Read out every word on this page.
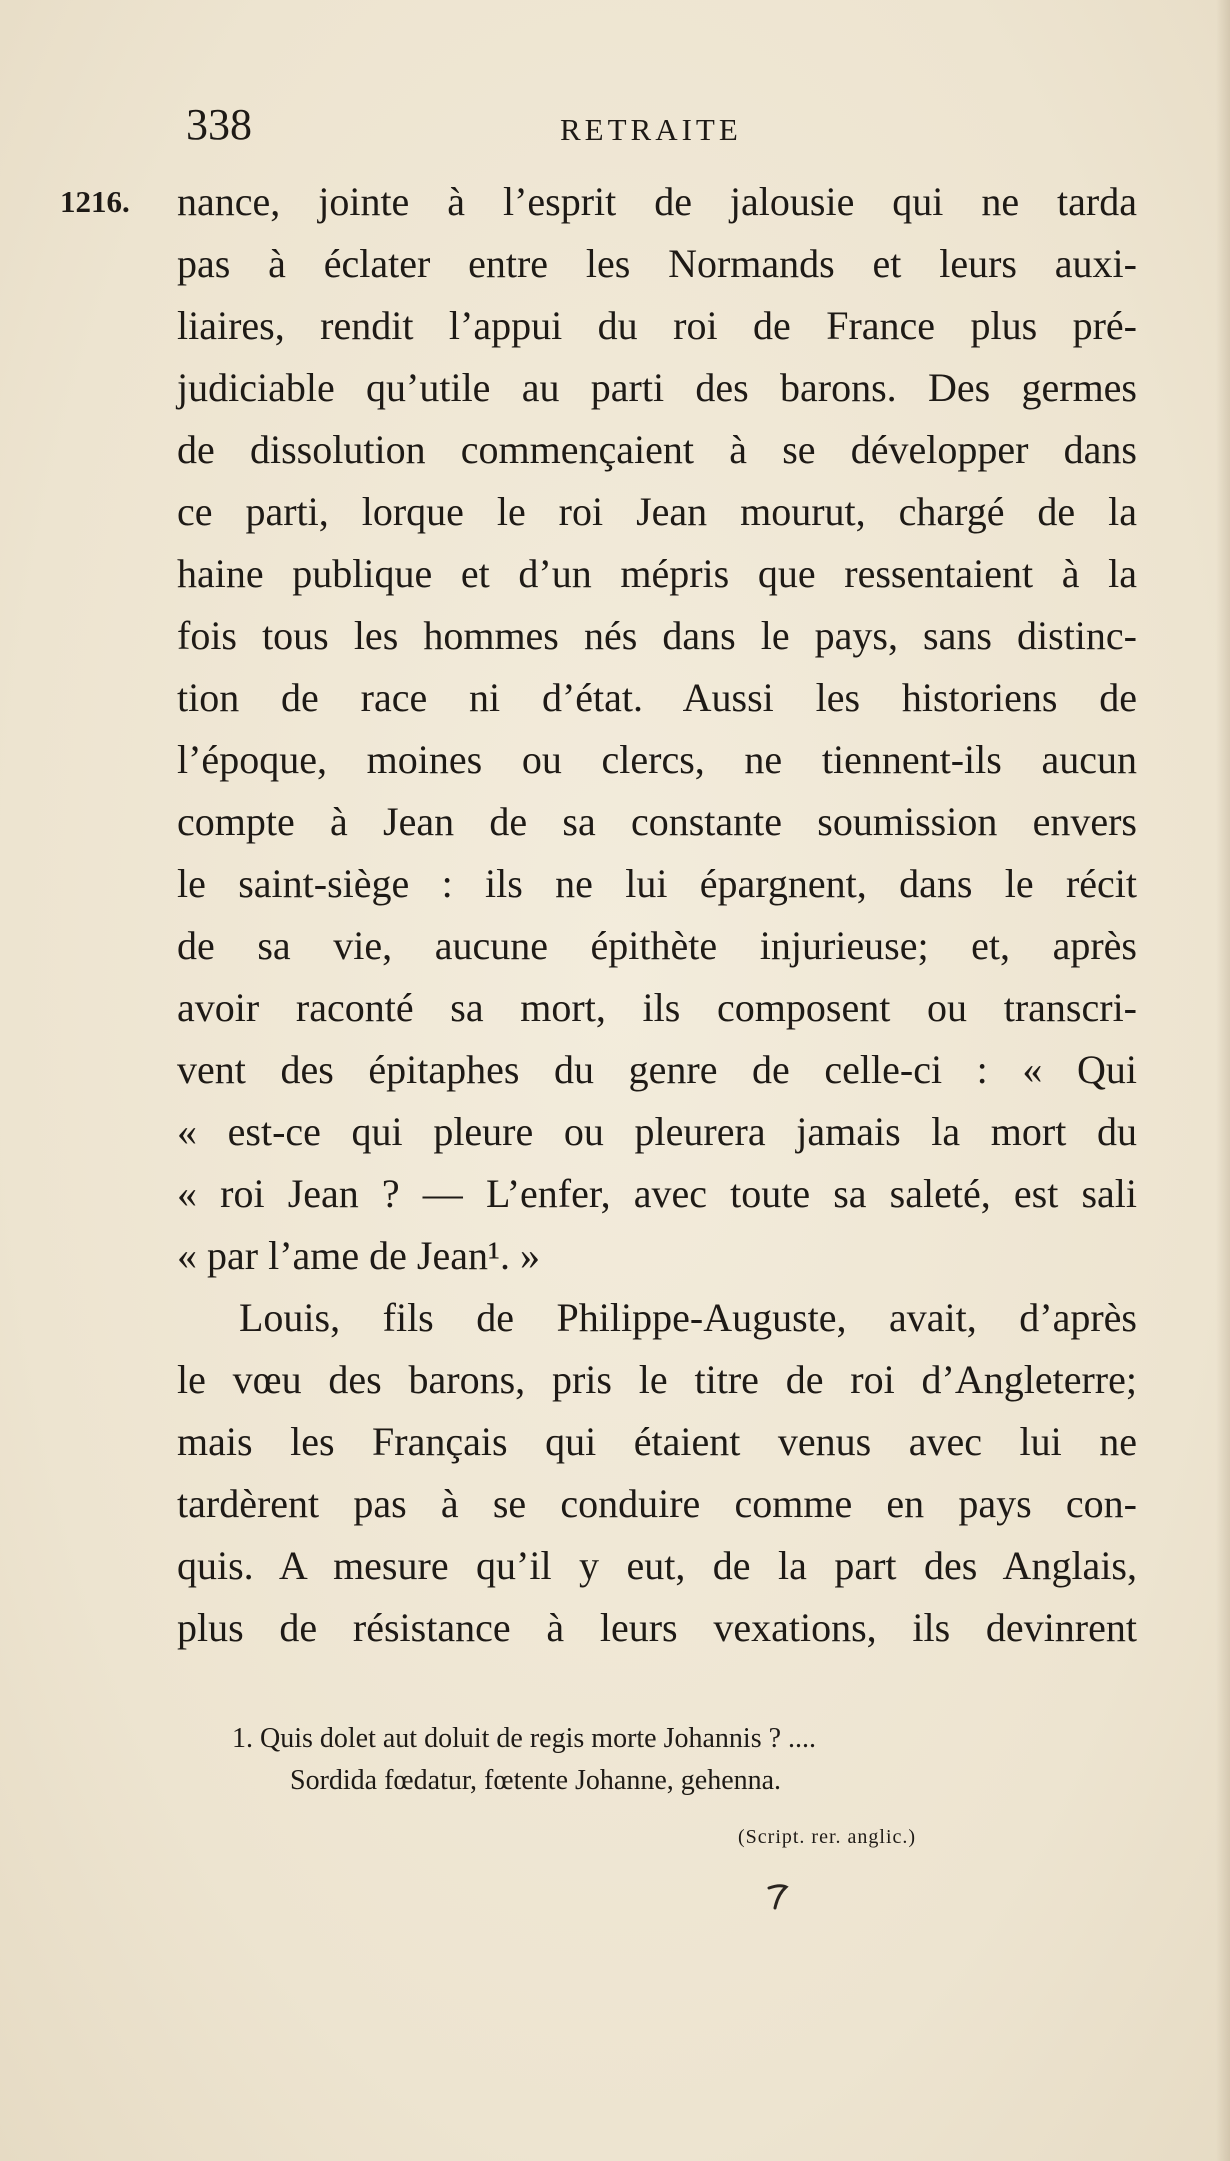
338	RETRAITE
1216. nance, jointe à l’esprit de jalousie qui ne tarda
pas à éclater entre les Normands et leurs auxi-
liaires, rendit l’appui du roi de France plus pré-
judiciable qu’utile au parti des barons. Des germes
de dissolution commençaient à se développer dans
ce parti, lorque le roi Jean mourut, chargé de la
haine publique et d’un mépris que ressentaient à la
fois tous les hommes nés dans le pays, sans distinc-
tion de race ni d’état. Aussi les historiens de
l’époque, moines ou clercs, ne tiennent-ils aucun
compte à Jean de sa constante soumission envers
le saint-siège : ils ne lui épargnent, dans le récit
de sa vie, aucune épithète injurieuse; et, après
avoir raconté sa mort, ils composent ou transcri-
vent des épitaphes du genre de celle-ci : « Qui
« est-ce qui pleure ou pleurera jamais la mort du
« roi Jean ? — L’enfer, avec toute sa saleté, est sali
« par l’ame de Jean¹. »
Louis, fils de Philippe-Auguste, avait, d’après
le vœu des barons, pris le titre de roi d’Angleterre;
mais les Français qui étaient venus avec lui ne
tardèrent pas à se conduire comme en pays con-
quis. A mesure qu’il y eut, de la part des Anglais,
plus de résistance à leurs vexations, ils devinrent
1. Quis dolet aut doluit de regis morte Johannis ? ....
Sordida fœdatur, fœtente Johanne, gehenna.
(Script. rer. anglic.)
